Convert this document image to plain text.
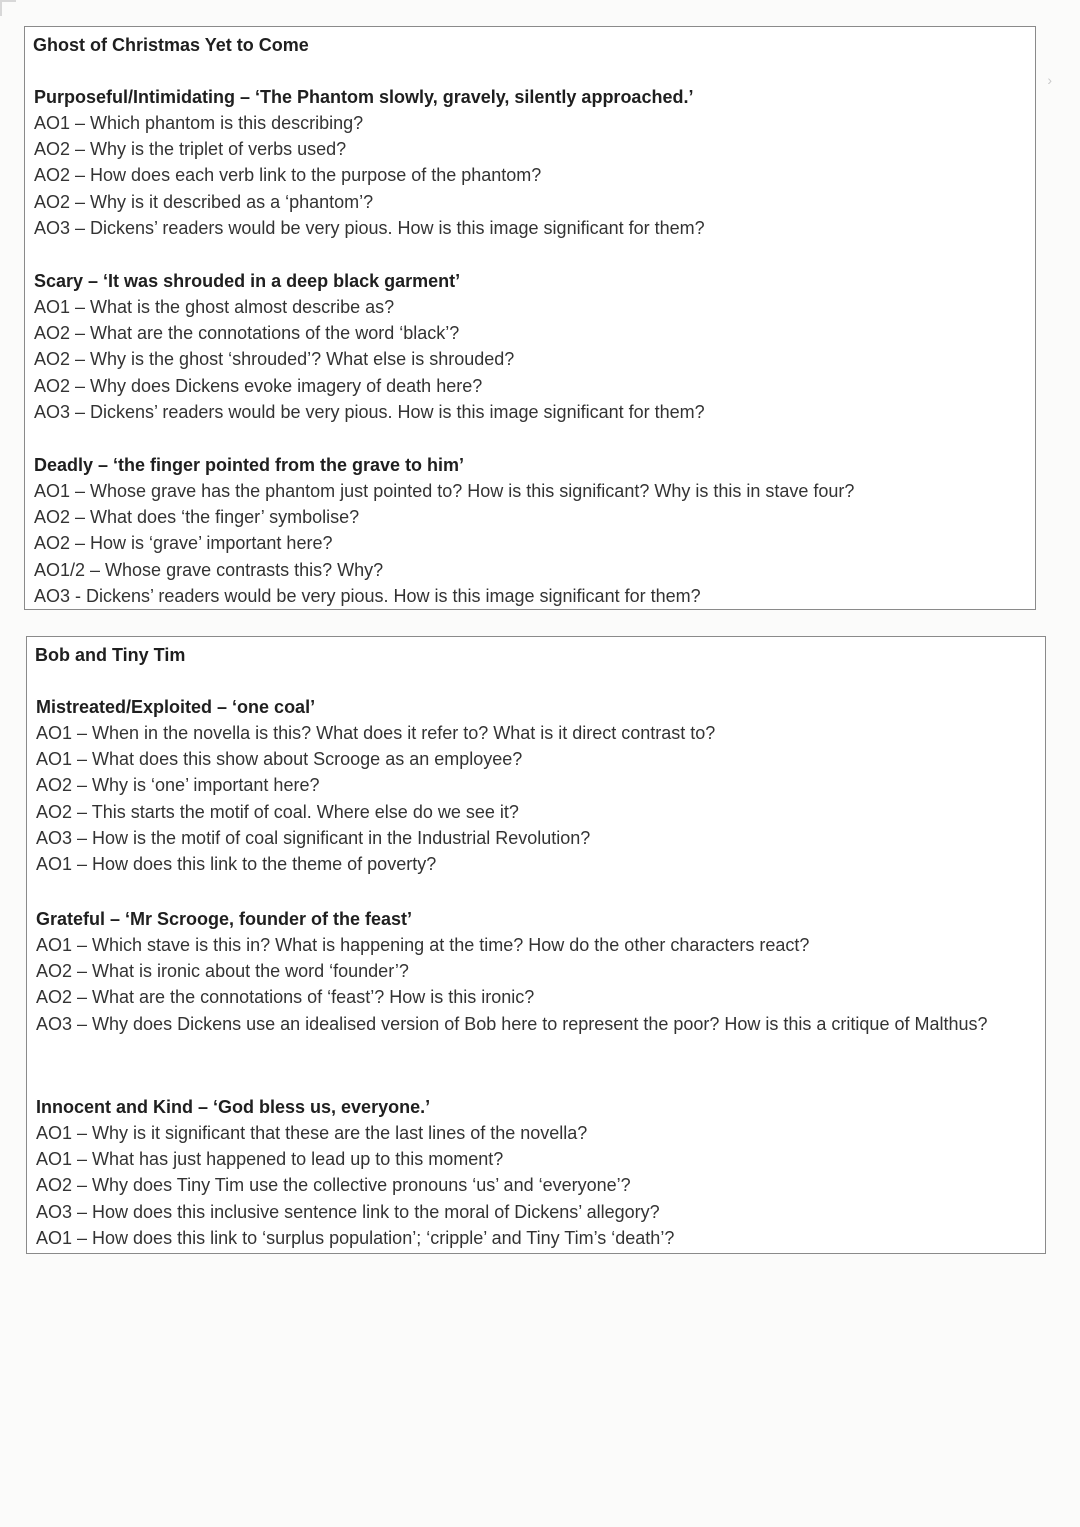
›
Ghost of Christmas Yet to Come
Purposeful/Intimidating – ‘The Phantom slowly, gravely, silently approached.’
AO1 – Which phantom is this describing?
AO2 – Why is the triplet of verbs used?
AO2 – How does each verb link to the purpose of the phantom?
AO2 – Why is it described as a ‘phantom’?
AO3 – Dickens’ readers would be very pious. How is this image significant for them?
Scary – ‘It was shrouded in a deep black garment’
AO1 – What is the ghost almost describe as?
AO2 – What are the connotations of the word ‘black’?
AO2 – Why is the ghost ‘shrouded’? What else is shrouded?
AO2 – Why does Dickens evoke imagery of death here?
AO3 – Dickens’ readers would be very pious. How is this image significant for them?
Deadly – ‘the finger pointed from the grave to him’
AO1 – Whose grave has the phantom just pointed to? How is this significant? Why is this in stave four?
AO2 – What does ‘the finger’ symbolise?
AO2 – How is ‘grave’ important here?
AO1/2 – Whose grave contrasts this? Why?
AO3 - Dickens’ readers would be very pious. How is this image significant for them?
Bob and Tiny Tim
Mistreated/Exploited – ‘one coal’
AO1 – When in the novella is this? What does it refer to? What is it direct contrast to?
AO1 – What does this show about Scrooge as an employee?
AO2 – Why is ‘one’ important here?
AO2 – This starts the motif of coal. Where else do we see it?
AO3 – How is the motif of coal significant in the Industrial Revolution?
AO1 – How does this link to the theme of poverty?
Grateful – ‘Mr Scrooge, founder of the feast’
AO1 – Which stave is this in? What is happening at the time? How do the other characters react?
AO2 – What is ironic about the word ‘founder’?
AO2 – What are the connotations of ‘feast’? How is this ironic?
AO3 – Why does Dickens use an idealised version of Bob here to represent the poor? How is this a critique of Malthus?
Innocent and Kind – ‘God bless us, everyone.’
AO1 – Why is it significant that these are the last lines of the novella?
AO1 – What has just happened to lead up to this moment?
AO2 – Why does Tiny Tim use the collective pronouns ‘us’ and ‘everyone’?
AO3 – How does this inclusive sentence link to the moral of Dickens’ allegory?
AO1 – How does this link to ‘surplus population’; ‘cripple’ and Tiny Tim’s ‘death’?
